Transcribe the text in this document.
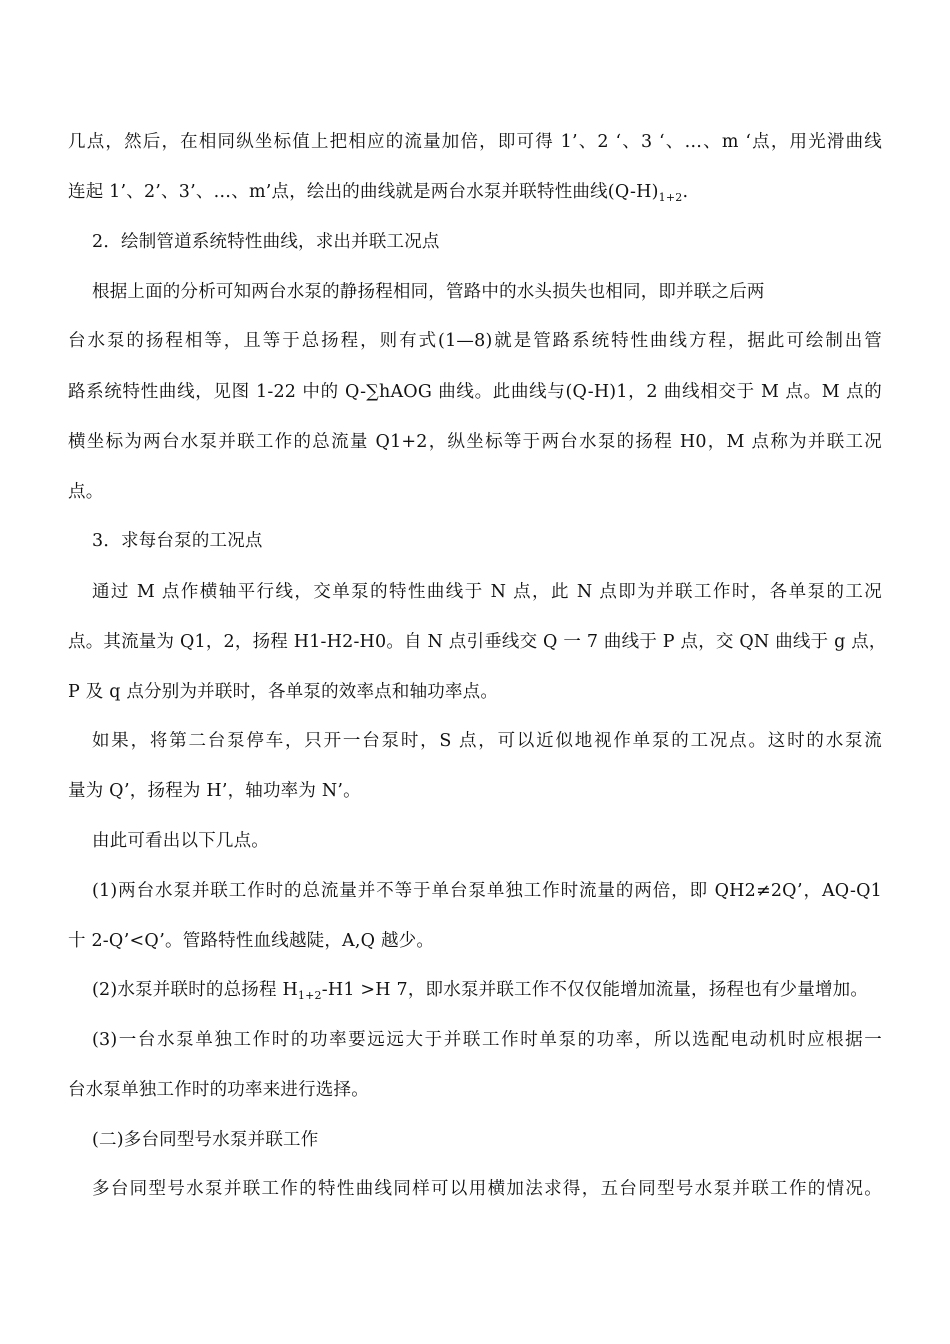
几点，然后，在相同纵坐标值上把相应的流量加倍，即可得 1’、2 ‘、3 ‘、…、m ‘点，用光滑曲线
连起 1’、2’、3’、…、m’点，绘出的曲线就是两台水泵并联特性曲线$(Q-H)_{1+2}$.
2．绘制管道系统特性曲线，求出并联工况点
根据上面的分析可知两台水泵的静扬程相同，管路中的水头损失也相同，即并联之后两
台水泵的扬程相等，且等于总扬程，则有式(1—8)就是管路系统特性曲线方程，据此可绘制出管
路系统特性曲线，见图 1-22 中的 Q-∑hAOG 曲线。此曲线与(Q-H)1，2 曲线相交于 M 点。M 点的
横坐标为两台水泵并联工作的总流量 Q1+2，纵坐标等于两台水泵的扬程 H0，M 点称为并联工况
点。
3．求每台泵的工况点
通过 M 点作横轴平行线，交单泵的特性曲线于 N 点，此 N 点即为并联工作时，各单泵的工况
点。其流量为 Q1，2，扬程 H1-H2-H0。自 N 点引垂线交 Q 一 7 曲线于 P 点，交 QN 曲线于 g 点，
P 及 q 点分别为并联时，各单泵的效率点和轴功率点。
如果，将第二台泵停车，只开一台泵时，S 点，可以近似地视作单泵的工况点。这时的水泵流
量为 Q’，扬程为 H’，轴功率为 N’。
由此可看出以下几点。
(1)两台水泵并联工作时的总流量并不等于单台泵单独工作时流量的两倍，即 QH2≠2Q’，AQ-Q1
十 2-Q’<Q’。管路特性血线越陡，A,Q 越少。
(2)水泵并联时的总扬程 $H_{1+2}-H1 >H$ 7，即水泵并联工作不仅仅能增加流量，扬程也有少量增加。
(3)一台水泵单独工作时的功率要远远大于并联工作时单泵的功率，所以选配电动机时应根据一
台水泵单独工作时的功率来进行选择。
(二)多台同型号水泵并联工作
多台同型号水泵并联工作的特性曲线同样可以用横加法求得，五台同型号水泵并联工作的情况。
